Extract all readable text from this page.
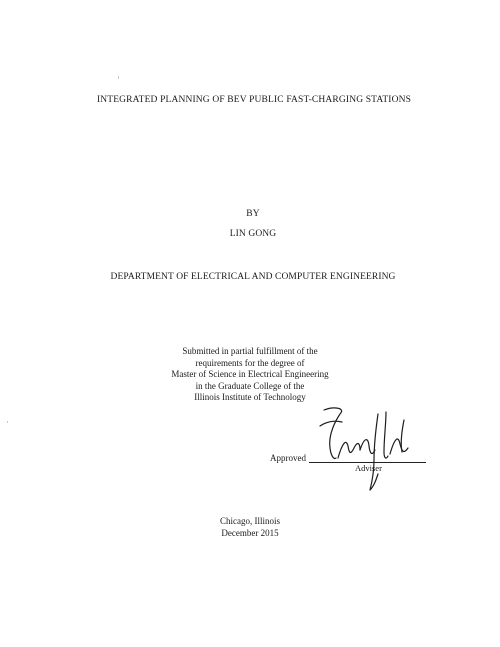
INTEGRATED PLANNING OF BEV PUBLIC FAST-CHARGING STATIONS
BY
LIN GONG
DEPARTMENT OF ELECTRICAL AND COMPUTER ENGINEERING
Submitted in partial fulfillment of the
requirements for the degree of
Master of Science in Electrical Engineering
in the Graduate College of the
Illinois Institute of Technology
Approved
Adviser
Chicago, Illinois
December 2015
